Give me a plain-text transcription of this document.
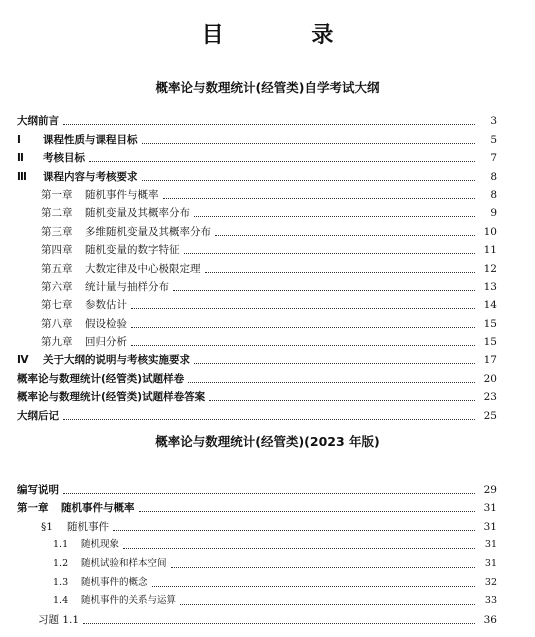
目 录
概率论与数理统计(经管类)自学考试大纲
大纲前言	3
Ⅰ 课程性质与课程目标	5
Ⅱ 考核目标	7
Ⅲ 课程内容与考核要求	8
第一章 随机事件与概率	8
第二章 随机变量及其概率分布	9
第三章 多维随机变量及其概率分布	10
第四章 随机变量的数字特征	11
第五章 大数定律及中心极限定理	12
第六章 统计量与抽样分布	13
第七章 参数估计	14
第八章 假设检验	15
第九章 回归分析	15
Ⅳ 关于大纲的说明与考核实施要求	17
概率论与数理统计(经管类)试题样卷	20
概率论与数理统计(经管类)试题样卷答案	23
大纲后记	25
概率论与数理统计(经管类)(2023 年版)
编写说明	29
第一章 随机事件与概率	31
§1 随机事件	31
1.1 随机现象	31
1.2 随机试验和样本空间	31
1.3 随机事件的概念	32
1.4 随机事件的关系与运算	33
习题 1.1	36
